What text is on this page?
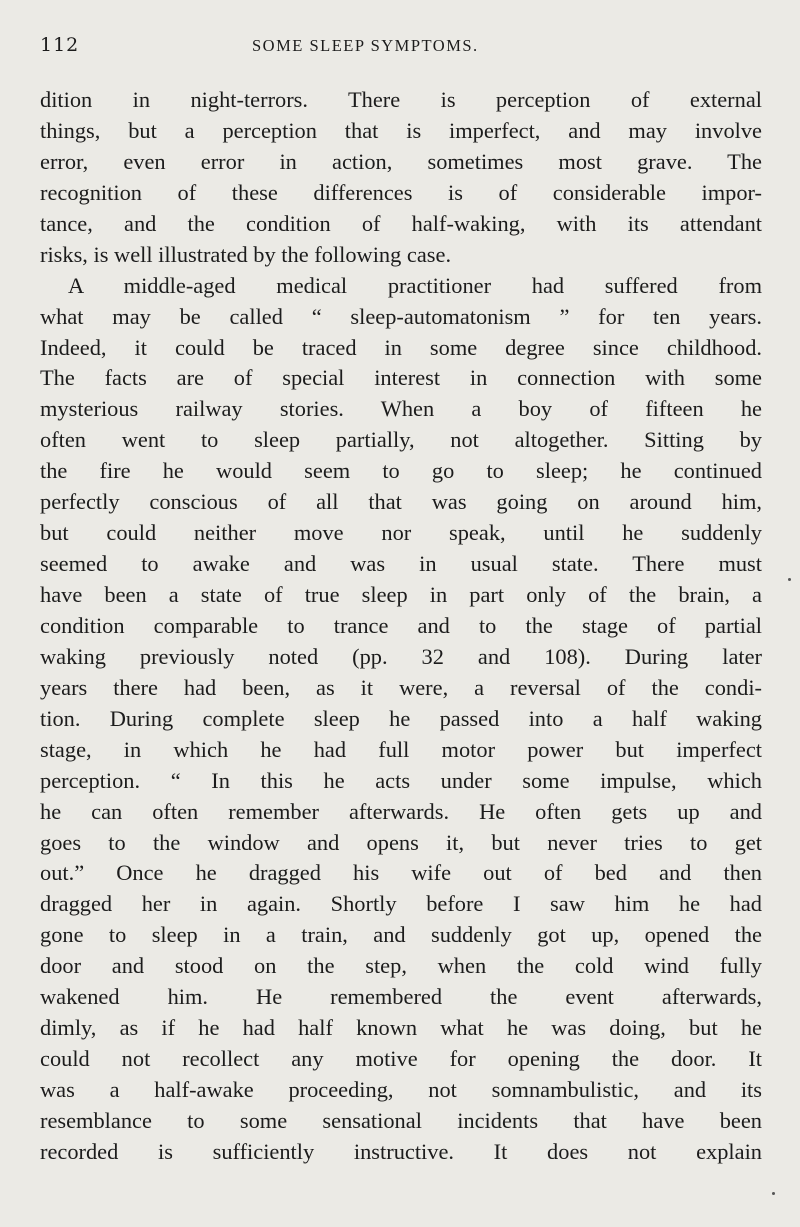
112	SOME SLEEP SYMPTOMS.
dition in night-terrors. There is perception of external
things, but a perception that is imperfect, and may involve
error, even error in action, sometimes most grave. The
recognition of these differences is of considerable impor-
tance, and the condition of half-waking, with its attendant
risks, is well illustrated by the following case.
A middle-aged medical practitioner had suffered from
what may be called “ sleep-automatonism ” for ten years.
Indeed, it could be traced in some degree since childhood.
The facts are of special interest in connection with some
mysterious railway stories. When a boy of fifteen he
often went to sleep partially, not altogether. Sitting by
the fire he would seem to go to sleep; he continued
perfectly conscious of all that was going on around him,
but could neither move nor speak, until he suddenly
seemed to awake and was in usual state. There must
have been a state of true sleep in part only of the brain, a
condition comparable to trance and to the stage of partial
waking previously noted (pp. 32 and 108). During later
years there had been, as it were, a reversal of the condi-
tion. During complete sleep he passed into a half waking
stage, in which he had full motor power but imperfect
perception. “ In this he acts under some impulse, which
he can often remember afterwards. He often gets up and
goes to the window and opens it, but never tries to get
out.” Once he dragged his wife out of bed and then
dragged her in again. Shortly before I saw him he had
gone to sleep in a train, and suddenly got up, opened the
door and stood on the step, when the cold wind fully
wakened him. He remembered the event afterwards,
dimly, as if he had half known what he was doing, but he
could not recollect any motive for opening the door. It
was a half-awake proceeding, not somnambulistic, and its
resemblance to some sensational incidents that have been
recorded is sufficiently instructive. It does not explain
